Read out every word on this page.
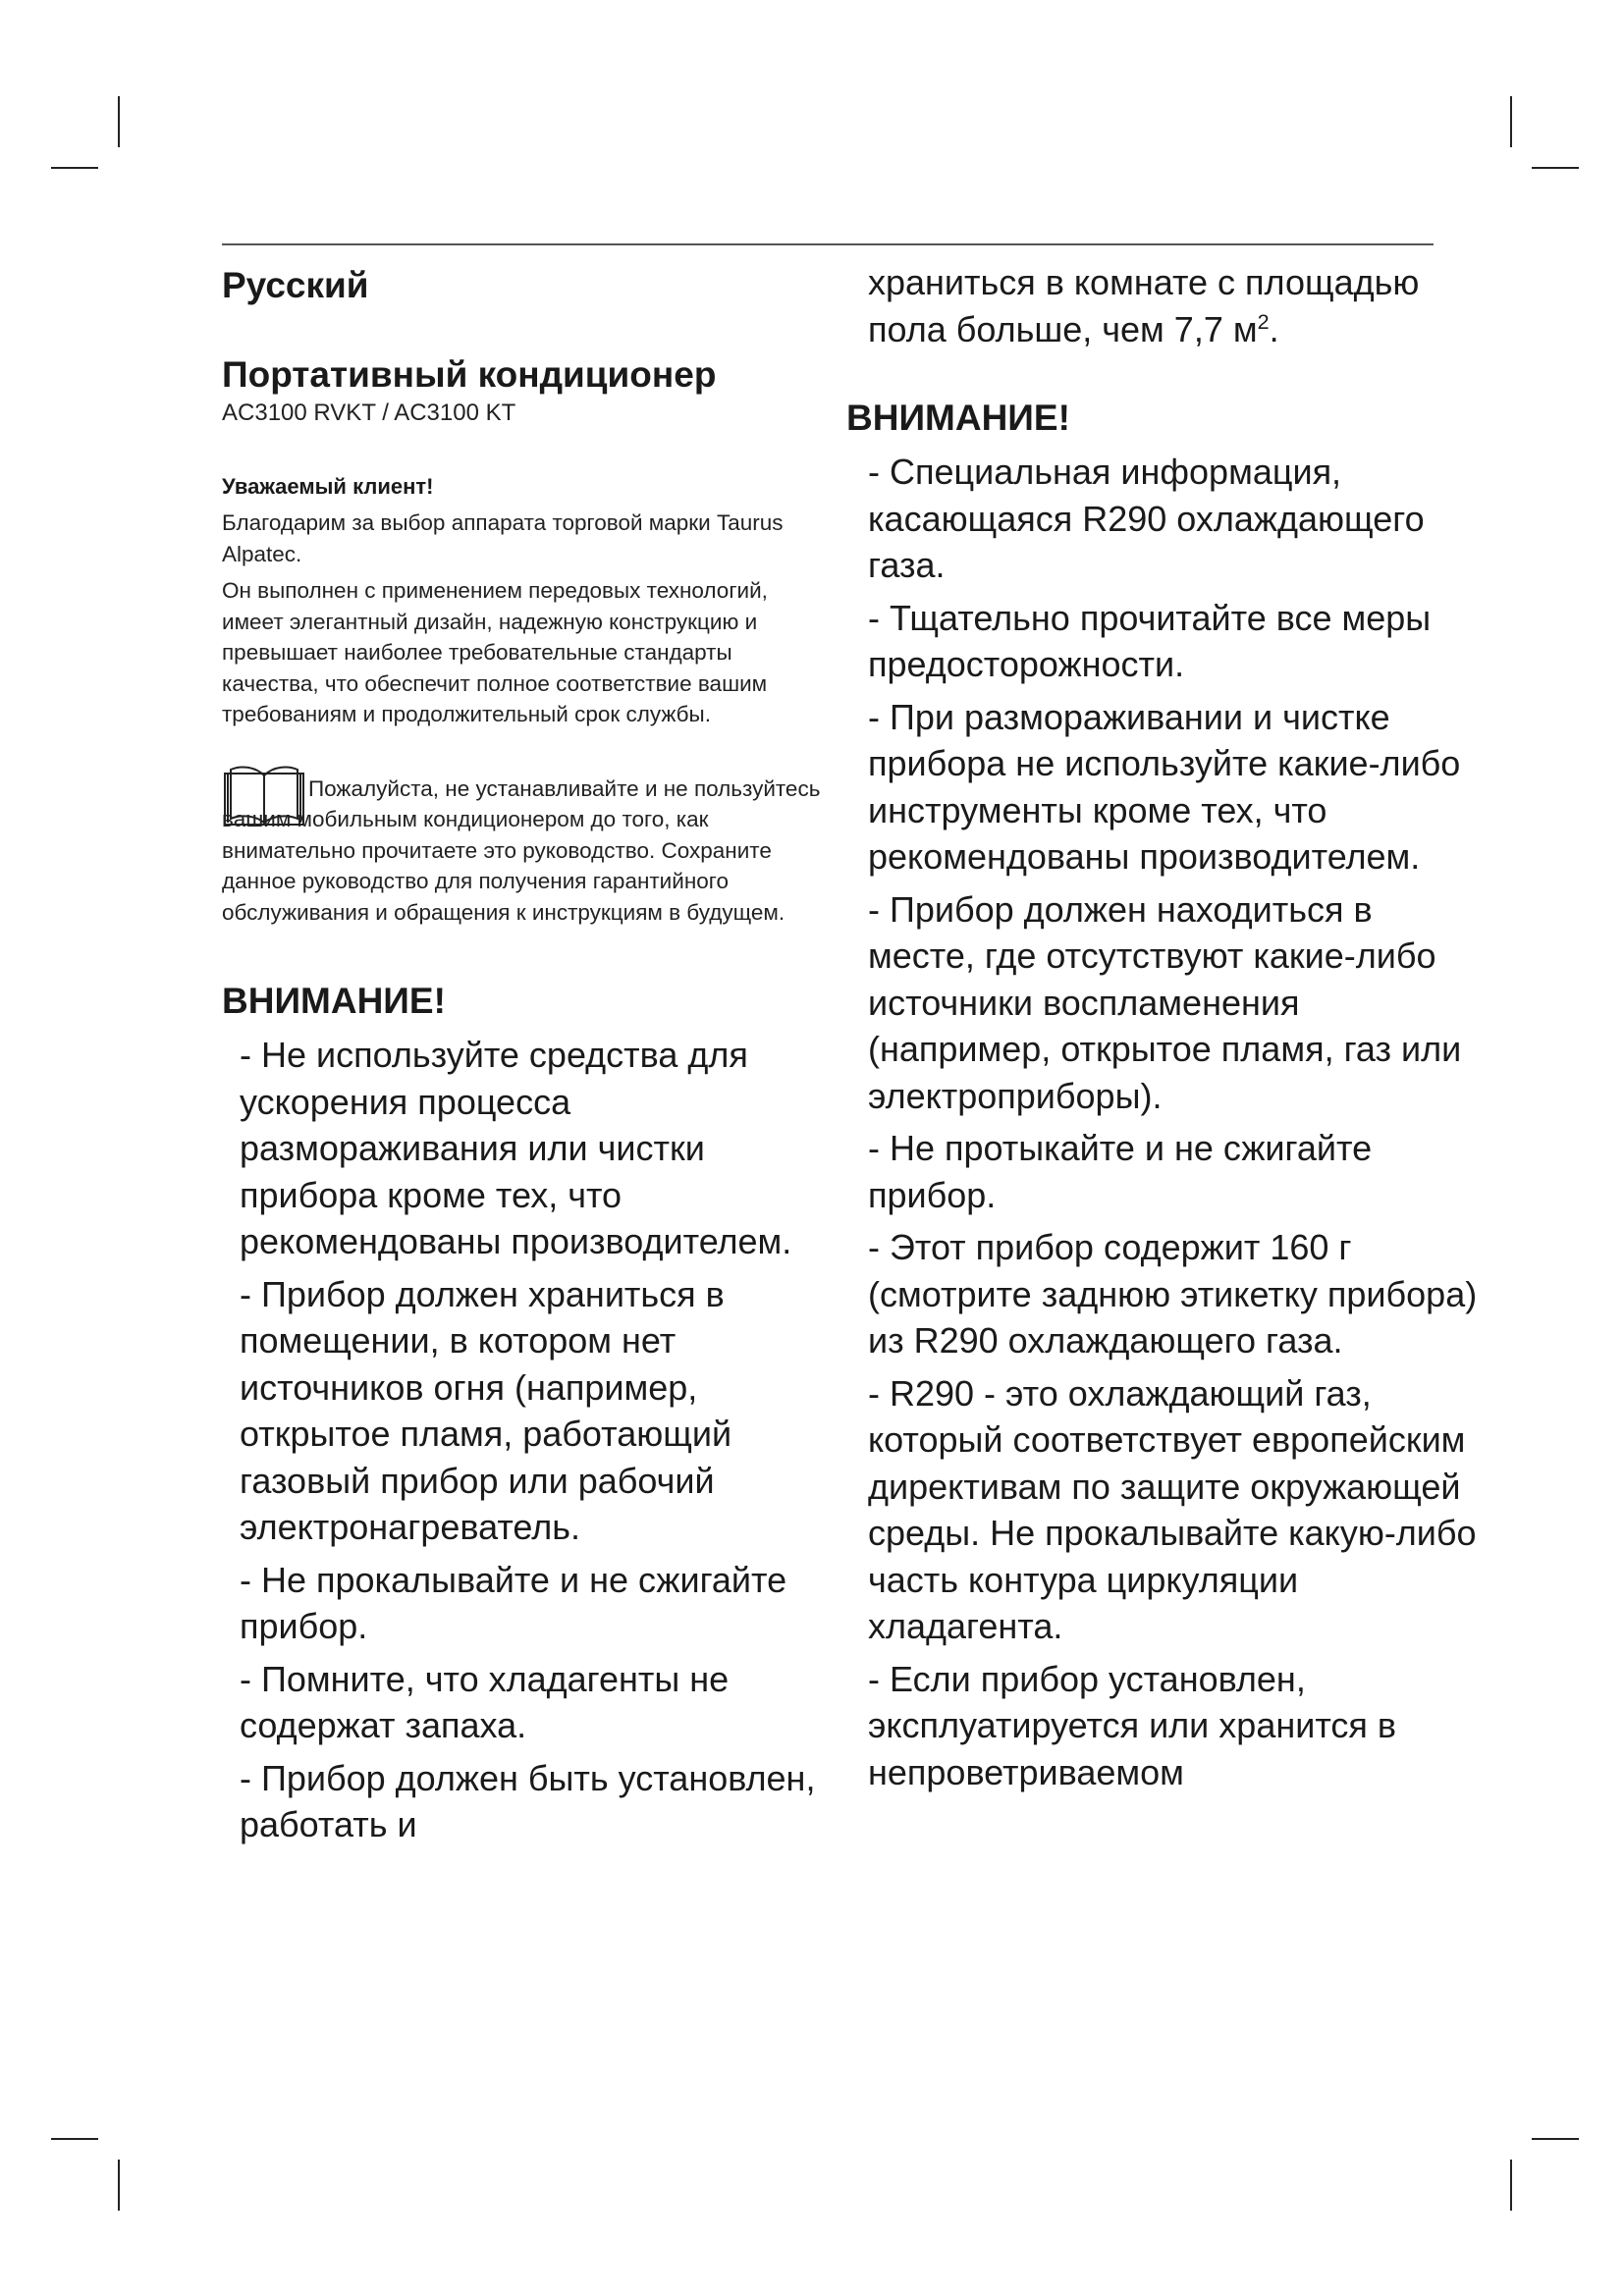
Русский
Портативный кондиционер

AC3100 RVKT / AC3100 KT

Уважаемый клиент!

Благодарим за выбор аппарата торговой марки Taurus Alpatec.

Он выполнен с применением передовых технологий, имеет элегантный дизайн, надежную конструкцию и превышает наиболее требовательные стандарты качества, что обеспечит полное соответствие вашим требованиям и продолжительный срок службы.

Пожалуйста, не устанавливайте и не пользуйтесь вашим мобильным кондиционером до того, как внимательно прочитаете это руководство. Сохраните данное руководство для получения гарантийного обслуживания и обращения к инструкциям в будущем.

ВНИМАНИЕ!
- Не используйте средства для ускорения процесса размораживания или чистки прибора кроме тех, что рекомендованы производителем.
- Прибор должен храниться в помещении, в котором нет источников огня (например, открытое пламя, работающий газовый прибор или рабочий электронагреватель.
- Не прокалывайте и не сжигайте прибор.
- Помните, что хладагенты не содержат запаха.
- Прибор должен быть установлен, работать и

храниться в комнате с площадью пола больше, чем 7,7 $м^2$.

ВНИМАНИЕ!
- Специальная информация, касающаяся R290 охлаждающего газа.
- Тщательно прочитайте все меры предосторожности.
- При размораживании и чистке прибора не используйте какие-либо инструменты кроме тех, что рекомендованы производителем.
- Прибор должен находиться в месте, где отсутствуют какие-либо источники воспламенения (например, открытое пламя, газ или электроприборы).
- Не протыкайте и не сжигайте прибор.
- Этот прибор содержит 160 г (смотрите заднюю этикетку прибора) из R290 охлаждающего газа.
- R290 - это охлаждающий газ, который соответствует европейским директивам по защите окружающей среды. Не прокалывайте какую-либо часть контура циркуляции хладагента.
- Если прибор установлен, эксплуатируется или хранится в непроветриваемом
